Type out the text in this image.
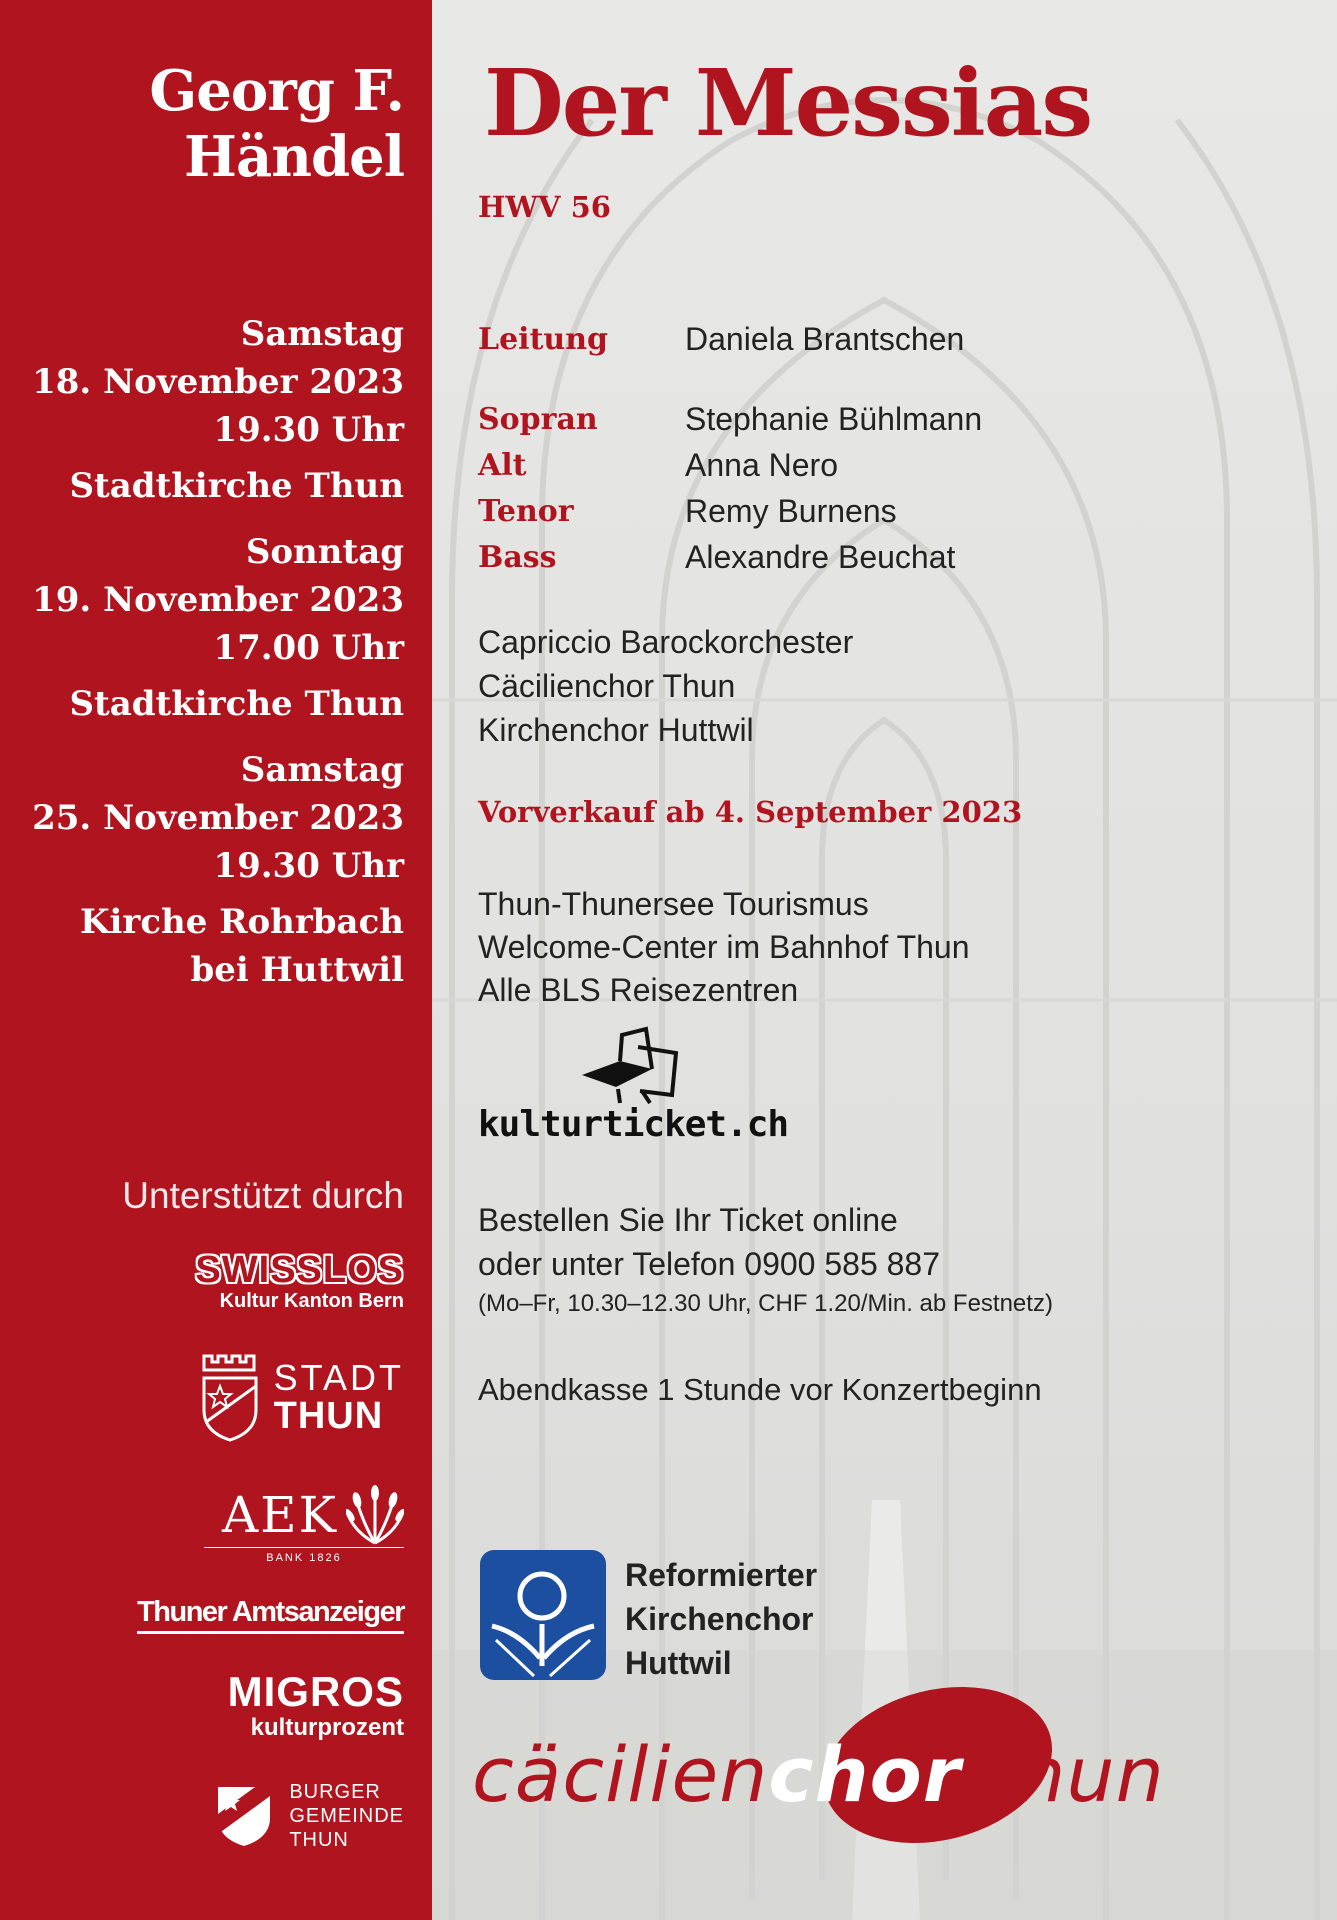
Georg F.
Händel
Samstag
18. November 2023
19.30 Uhr
Stadtkirche Thun
Sonntag
19. November 2023
17.00 Uhr
Stadtkirche Thun
Samstag
25. November 2023
19.30 Uhr
Kirche Rohrbach
bei Huttwil
Unterstützt durch
SWISSLOS
Kultur Kanton Bern
STADT
THUN
AEK
BANK 1826
Thuner Amtsanzeiger
MIGROS
kulturprozent
BURGER
GEMEINDE
THUN
Der Messias
HWV 56
Leitung	Daniela Brantschen
Sopran	Stephanie Bühlmann
Alt	Anna Nero
Tenor	Remy Burnens
Bass	Alexandre Beuchat
Capriccio Barockorchester
Cäcilienchor Thun
Kirchenchor Huttwil
Vorverkauf ab 4. September 2023
Thun-Thunersee Tourismus
Welcome-Center im Bahnhof Thun
Alle BLS Reisezentren
kulturticket.ch
Bestellen Sie Ihr Ticket online
oder unter Telefon 0900 585 887
(Mo–Fr, 10.30–12.30 Uhr, CHF 1.20/Min. ab Festnetz)
Abendkasse 1 Stunde vor Konzertbeginn
Reformierter
Kirchenchor
Huttwil
cäcilienchor thun
